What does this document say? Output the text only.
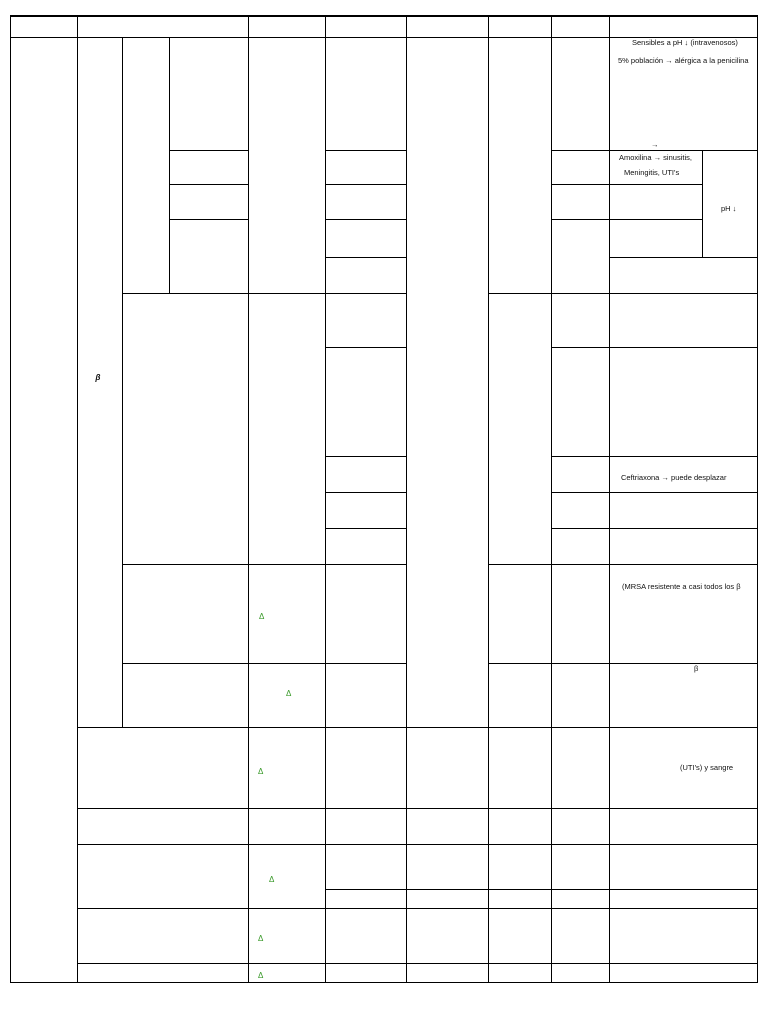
Sensibles a pH ↓ (intravenosos)
5% población → alérgica a la penicilina
→
Amoxilina → sinusitis,
Meningitis, UTI's
pH ↓
Ceftriaxona → puede desplazar
(MRSA resistente a casi todos los β
β
(UTI's) y sangre
ᵝ
Δ
Δ
Δ
Δ
Δ
Δ
